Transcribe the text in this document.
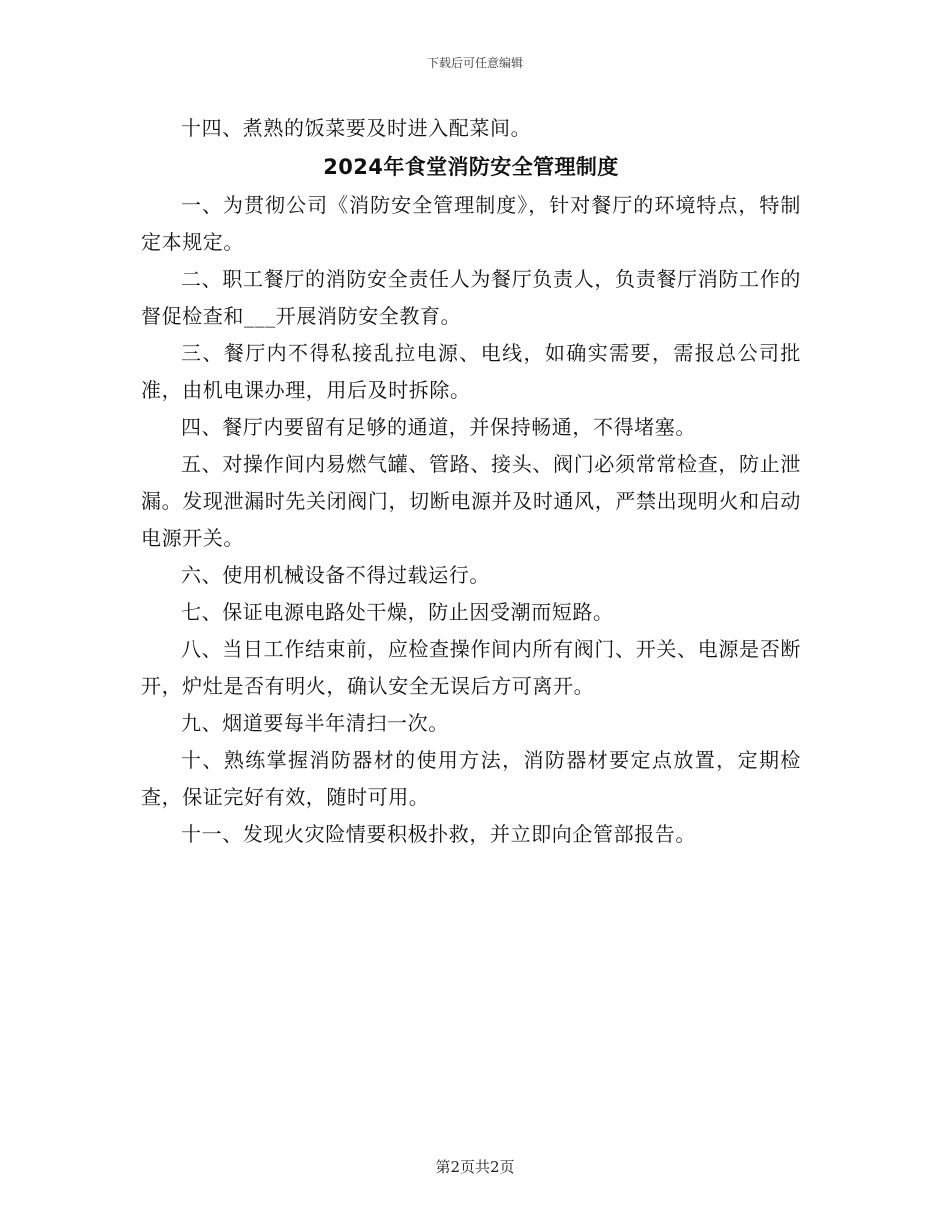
下载后可任意编辑

十四、煮熟的饭菜要及时进入配菜间。

2024年食堂消防安全管理制度

一、为贯彻公司《消防安全管理制度》，针对餐厅的环境特点，特制定本规定。

二、职工餐厅的消防安全责任人为餐厅负责人，负责餐厅消防工作的督促检查和___开展消防安全教育。

三、餐厅内不得私接乱拉电源、电线，如确实需要，需报总公司批准，由机电课办理，用后及时拆除。

四、餐厅内要留有足够的通道，并保持畅通，不得堵塞。

五、对操作间内易燃气罐、管路、接头、阀门必须常常检查，防止泄漏。发现泄漏时先关闭阀门，切断电源并及时通风，严禁出现明火和启动电源开关。

六、使用机械设备不得过载运行。

七、保证电源电路处干燥，防止因受潮而短路。

八、当日工作结束前，应检查操作间内所有阀门、开关、电源是否断开，炉灶是否有明火，确认安全无误后方可离开。

九、烟道要每半年清扫一次。

十、熟练掌握消防器材的使用方法，消防器材要定点放置，定期检查，保证完好有效，随时可用。

十一、发现火灾险情要积极扑救，并立即向企管部报告。

第2页共2页
